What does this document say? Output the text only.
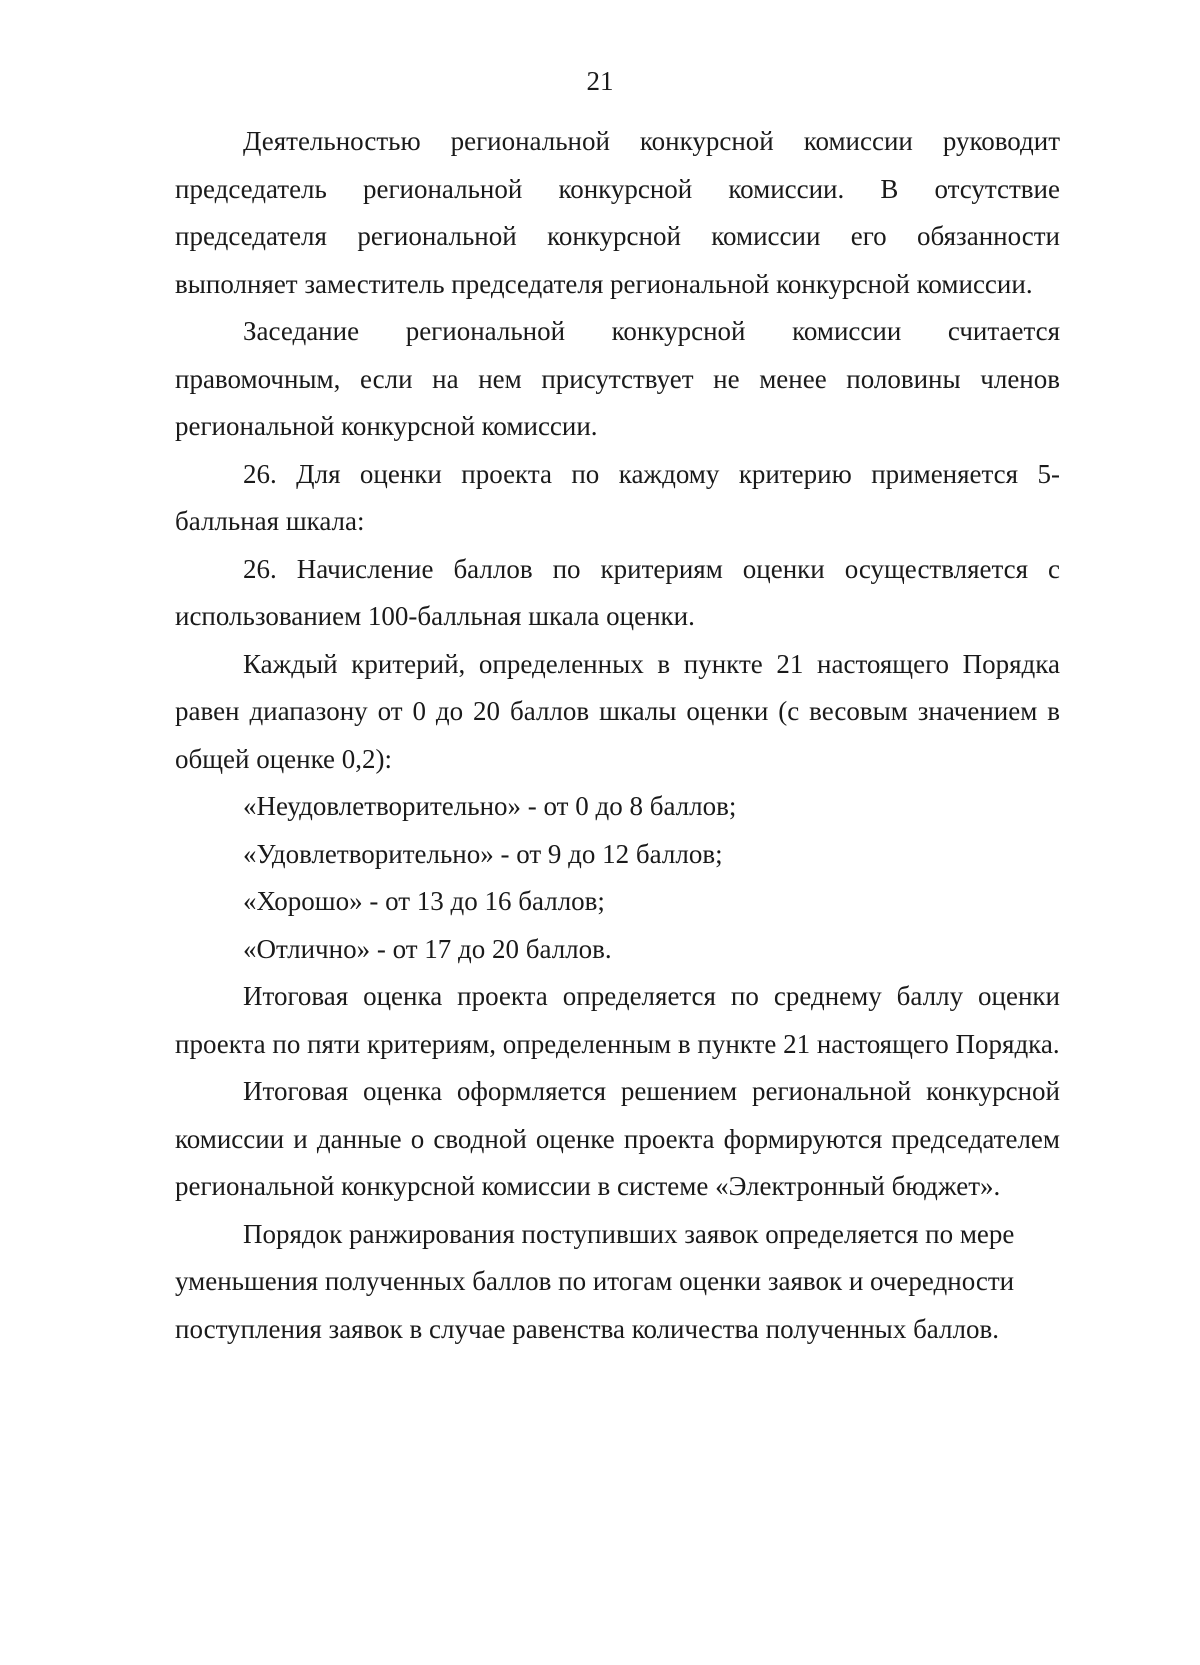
21

Деятельностью региональной конкурсной комиссии руководит председатель региональной конкурсной комиссии. В отсутствие председателя региональной конкурсной комиссии его обязанности выполняет заместитель председателя региональной конкурсной комиссии.

Заседание региональной конкурсной комиссии считается правомочным, если на нем присутствует не менее половины членов региональной конкурсной комиссии.

26. Для оценки проекта по каждому критерию применяется 5-балльная шкала:

26. Начисление баллов по критериям оценки осуществляется с использованием 100-балльная шкала оценки.

Каждый критерий, определенных в пункте 21 настоящего Порядка равен диапазону от 0 до 20 баллов шкалы оценки (с весовым значением в общей оценке 0,2):

«Неудовлетворительно» - от 0 до 8 баллов;

«Удовлетворительно» - от 9 до 12 баллов;

«Хорошо» - от 13 до 16 баллов;

«Отлично» - от 17 до 20 баллов.

Итоговая оценка проекта определяется по среднему баллу оценки проекта по пяти критериям, определенным в пункте 21 настоящего Порядка.

Итоговая оценка оформляется решением региональной конкурсной комиссии и данные о сводной оценке проекта формируются председателем региональной конкурсной комиссии в системе «Электронный бюджет».

Порядок ранжирования поступивших заявок определяется по мере уменьшения полученных баллов по итогам оценки заявок и очередности поступления заявок в случае равенства количества полученных баллов.
